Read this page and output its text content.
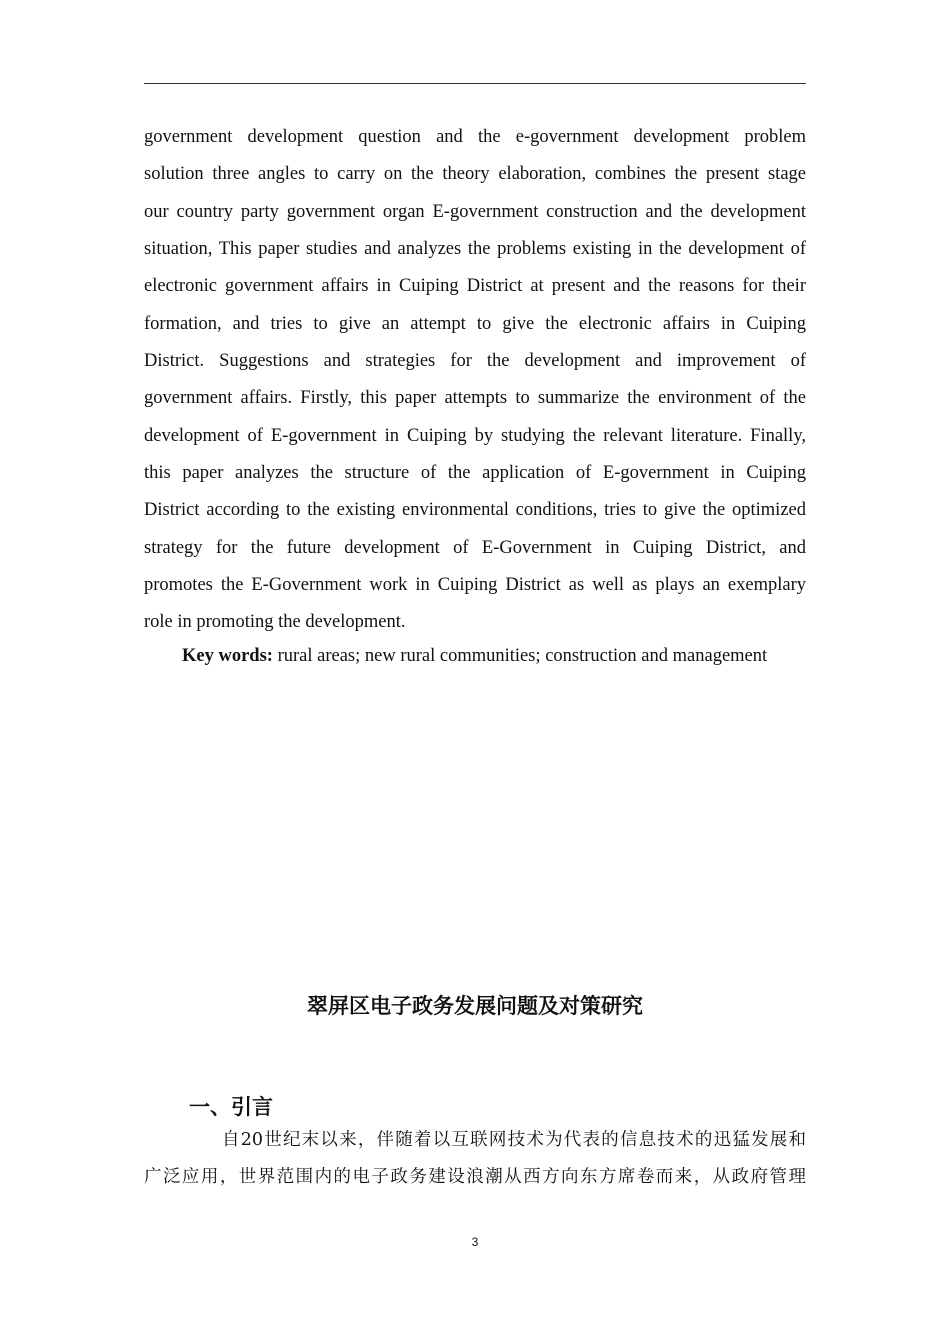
government development question and the e-government development problem
solution three angles to carry on the theory elaboration, combines the present stage
our country party government organ E-government construction and the development
situation, This paper studies and analyzes the problems existing in the development of
electronic government affairs in Cuiping District at present and the reasons for their
formation, and tries to give an attempt to give the electronic affairs in Cuiping
District. Suggestions and strategies for the development and improvement of
government affairs. Firstly, this paper attempts to summarize the environment of the
development of E-government in Cuiping by studying the relevant literature. Finally,
this paper analyzes the structure of the application of E-government in Cuiping
District according to the existing environmental conditions, tries to give the optimized
strategy for the future development of E-Government in Cuiping District, and
promotes the E-Government work in Cuiping District as well as plays an exemplary
role in promoting the development.
Key words: rural areas; new rural communities; construction and management
翠屏区电子政务发展问题及对策研究
一、引言
自20世纪末以来，伴随着以互联网技术为代表的信息技术的迅猛发展和
广泛应用，世界范围内的电子政务建设浪潮从西方向东方席卷而来，从政府管理
3
